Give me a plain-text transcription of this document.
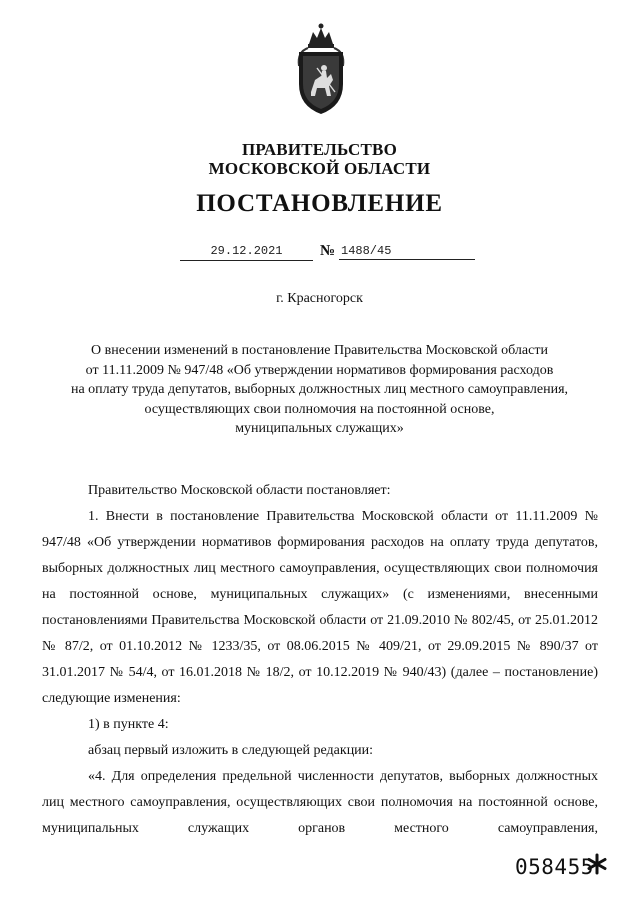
ПРАВИТЕЛЬСТВО
МОСКОВСКОЙ ОБЛАСТИ
ПОСТАНОВЛЕНИЕ
29.12.2021	№ 1488/45
г. Красногорск
О внесении изменений в постановление Правительства Московской области
от 11.11.2009 № 947/48 «Об утверждении нормативов формирования расходов
на оплату труда депутатов, выборных должностных лиц местного самоуправления,
осуществляющих свои полномочия на постоянной основе,
муниципальных служащих»
Правительство Московской области постановляет:
1. Внести в постановление Правительства Московской области от 11.11.2009 № 947/48 «Об утверждении нормативов формирования расходов на оплату труда депутатов, выборных должностных лиц местного самоуправления, осуществляющих свои полномочия на постоянной основе, муниципальных служащих» (с изменениями, внесенными постановлениями Правительства Московской области от 21.09.2010 № 802/45, от 25.01.2012 № 87/2, от 01.10.2012 № 1233/35, от 08.06.2015 № 409/21, от 29.09.2015 № 890/37 от 31.01.2017 № 54/4, от 16.01.2018 № 18/2, от 10.12.2019 № 940/43) (далее – постановление) следующие изменения:
1) в пункте 4:
абзац первый изложить в следующей редакции:
«4. Для определения предельной численности депутатов, выборных должностных лиц местного самоуправления, осуществляющих свои полномочия на постоянной основе, муниципальных служащих органов местного самоуправления,
058455
